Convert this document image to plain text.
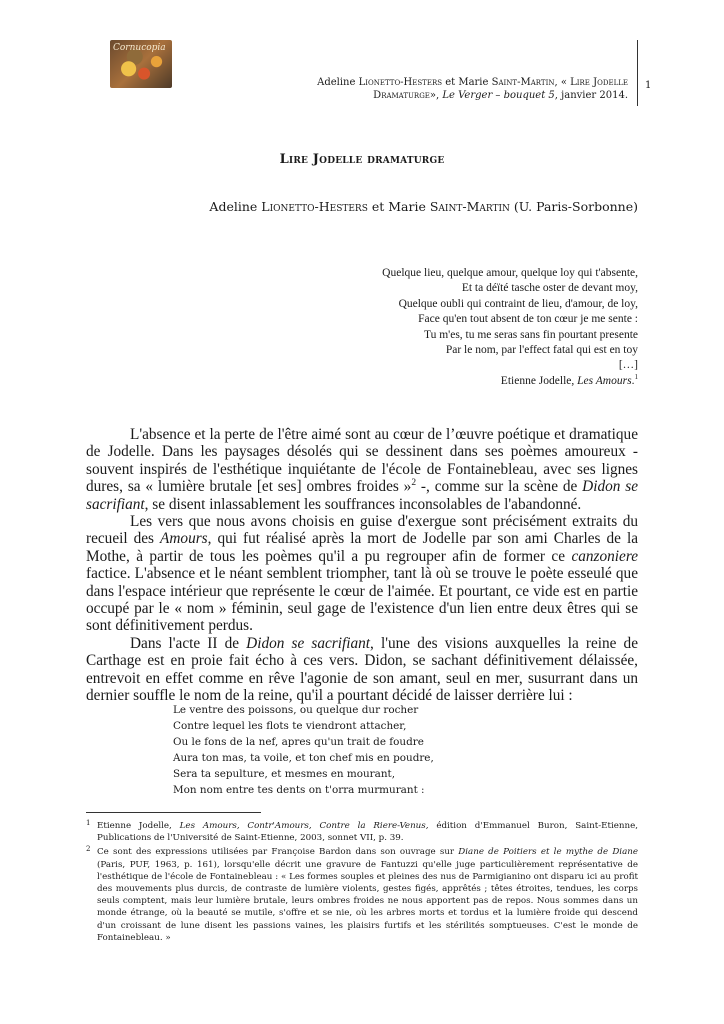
Cornucopia
Adeline Lionetto-Hesters et Marie Saint-Martin, « Lire Jodelle Dramaturge», Le Verger – bouquet 5, janvier 2014.
1
Lire Jodelle dramaturge
Adeline Lionetto-Hesters et Marie Saint-Martin (U. Paris-Sorbonne)
Quelque lieu, quelque amour, quelque loy qui t'absente,
Et ta déïté tasche oster de devant moy,
Quelque oubli qui contraint de lieu, d'amour, de loy,
Face qu'en tout absent de ton cœur je me sente :
Tu m'es, tu me seras sans fin pourtant presente
Par le nom, par l'effect fatal qui est en toy
[…]
Etienne Jodelle, Les Amours.$^1$

L'absence et la perte de l'être aimé sont au cœur de l’œuvre poétique et dramatique de Jodelle. Dans les paysages désolés qui se dessinent dans ses poèmes amoureux - souvent inspirés de l'esthétique inquiétante de l'école de Fontainebleau, avec ses lignes dures, sa « lumière brutale [et ses] ombres froides »$^2$ -, comme sur la scène de Didon se sacrifiant, se disent inlassablement les souffrances inconsolables de l'abandonné.

Les vers que nous avons choisis en guise d'exergue sont précisément extraits du recueil des Amours, qui fut réalisé après la mort de Jodelle par son ami Charles de la Mothe, à partir de tous les poèmes qu'il a pu regrouper afin de former ce canzoniere factice. L'absence et le néant semblent triompher, tant là où se trouve le poète esseulé que dans l'espace intérieur que représente le cœur de l'aimée. Et pourtant, ce vide est en partie occupé par le « nom » féminin, seul gage de l'existence d'un lien entre deux êtres qui se sont définitivement perdus.

Dans l'acte II de Didon se sacrifiant, l'une des visions auxquelles la reine de Carthage est en proie fait écho à ces vers. Didon, se sachant définitivement délaissée, entrevoit en effet comme en rêve l'agonie de son amant, seul en mer, susurrant dans un dernier souffle le nom de la reine, qu'il a pourtant décidé de laisser derrière lui :

Le ventre des poissons, ou quelque dur rocher
Contre lequel les flots te viendront attacher,
Ou le fons de la nef, apres qu'un trait de foudre
Aura ton mas, ta voile, et ton chef mis en poudre,
Sera ta sepulture, et mesmes en mourant,
Mon nom entre tes dents on t'orra murmurant :
1 Etienne Jodelle, Les Amours, Contr'Amours, Contre la Riere-Venus, édition d'Emmanuel Buron, Saint-Etienne, Publications de l'Université de Saint-Etienne, 2003, sonnet VII, p. 39.
2 Ce sont des expressions utilisées par Françoise Bardon dans son ouvrage sur Diane de Poitiers et le mythe de Diane (Paris, PUF, 1963, p. 161), lorsqu'elle décrit une gravure de Fantuzzi qu'elle juge particulièrement représentative de l'esthétique de l'école de Fontainebleau : « Les formes souples et pleines des nus de Parmigianino ont disparu ici au profit des mouvements plus durcis, de contraste de lumière violents, gestes figés, apprêtés ; têtes étroites, tendues, les corps seuls comptent, mais leur lumière brutale, leurs ombres froides ne nous apportent pas de repos. Nous sommes dans un monde étrange, où la beauté se mutile, s'offre et se nie, où les arbres morts et tordus et la lumière froide qui descend d'un croissant de lune disent les passions vaines, les plaisirs furtifs et les stérilités somptueuses. C'est le monde de Fontainebleau. »
